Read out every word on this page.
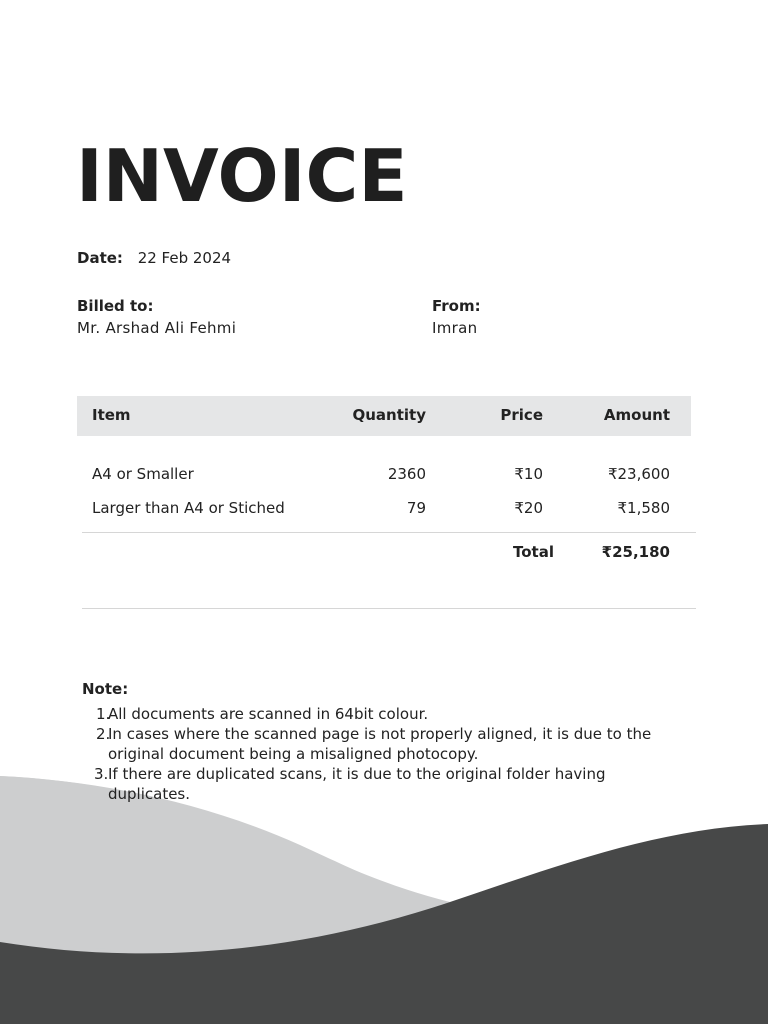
INVOICE
Date: 22 Feb 2024
Billed to:
Mr. Arshad Ali Fehmi
From:
Imran
Item	Quantity	Price	Amount
A4 or Smaller	2360	₹10	₹23,600
Larger than A4 or Stiched	79	₹20	₹1,580
Total	₹25,180
Note:
1.
All documents are scanned in 64bit colour.
2.
In cases where the scanned page is not properly aligned, it is due to the original document being a misaligned photocopy.
3. If there are duplicated scans, it is due to the original folder having duplicates.
